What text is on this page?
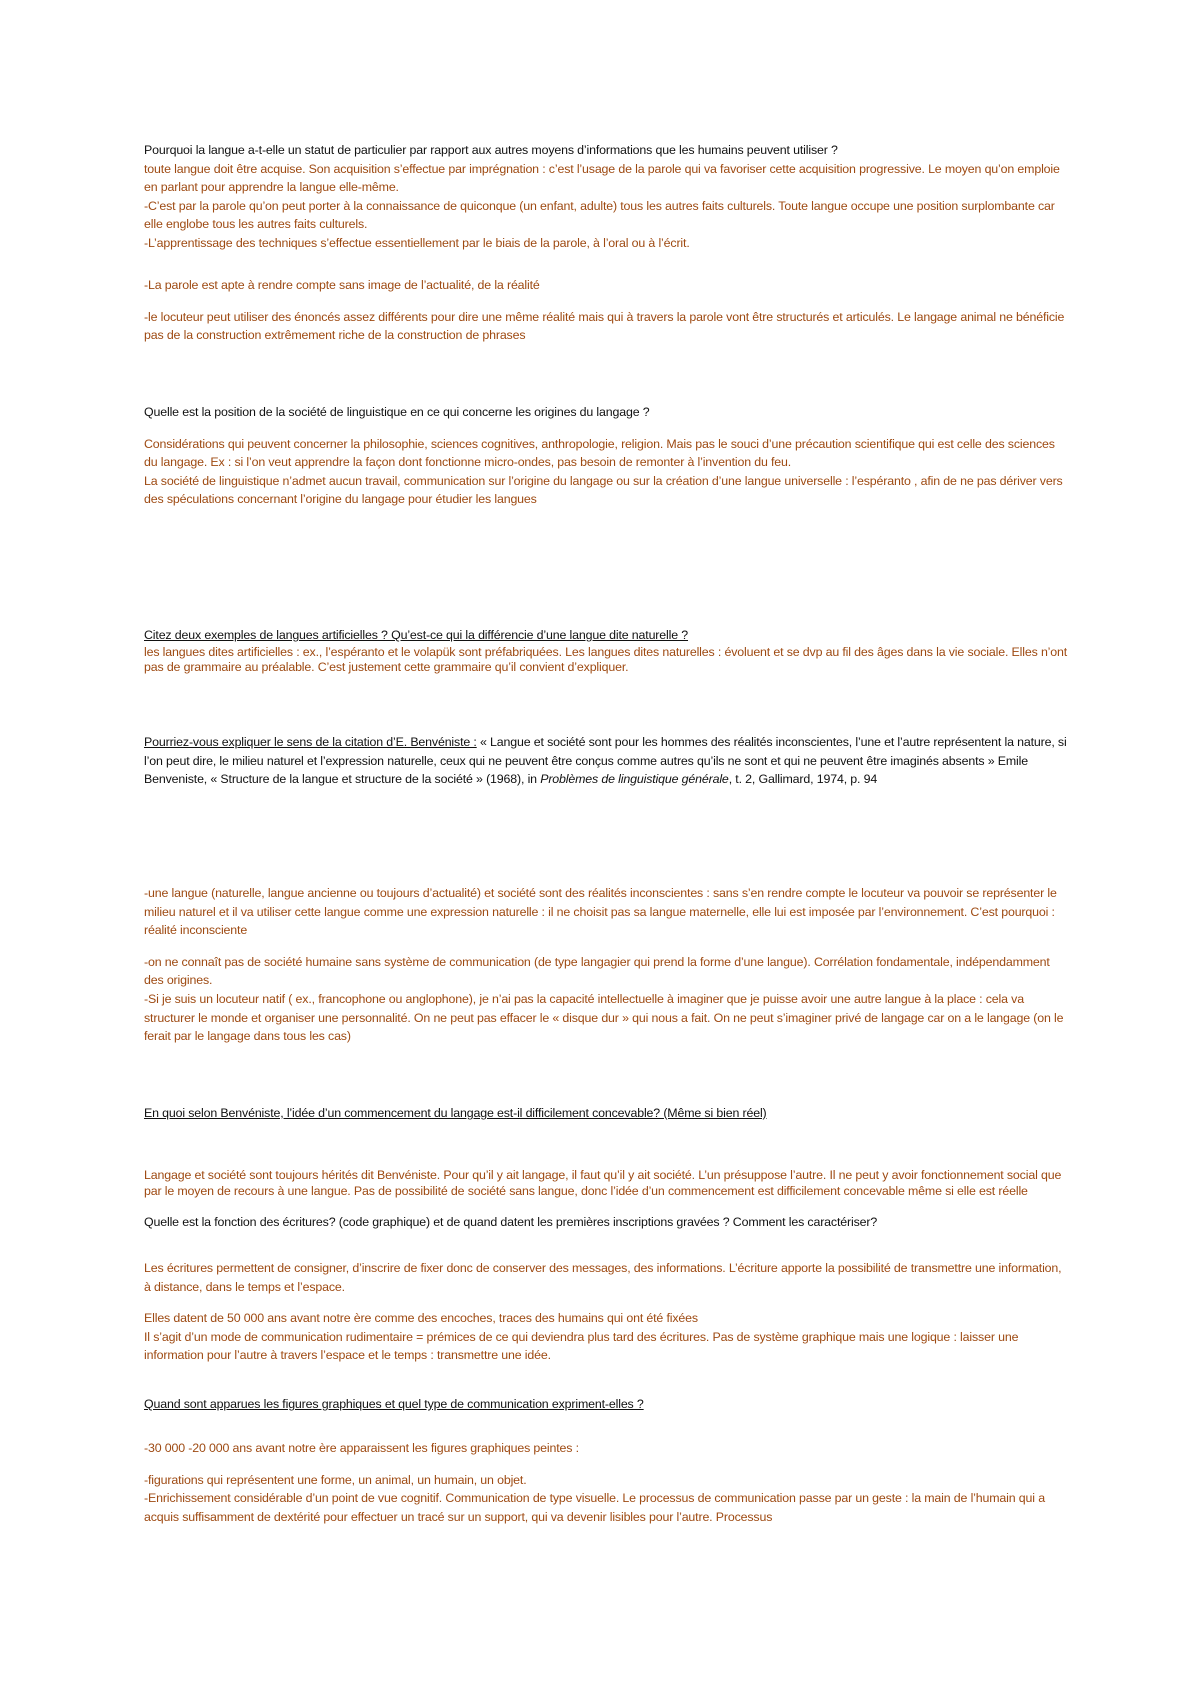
Pourquoi la langue a-t-elle un statut de particulier par rapport aux autres moyens d’informations que les humains peuvent utiliser ?

toute langue doit être acquise. Son acquisition s’effectue par imprégnation : c’est l’usage de la parole qui va favoriser cette acquisition progressive. Le moyen qu’on emploie en parlant pour apprendre la langue elle-même.

-C’est par la parole qu’on peut porter à la connaissance de quiconque (un enfant, adulte) tous les autres faits culturels. Toute langue occupe une position surplombante car elle englobe tous les autres faits culturels.

-L’apprentissage des techniques s’effectue essentiellement par le biais de la parole, à l’oral ou à l’écrit.

-La parole est apte à rendre compte sans image de l’actualité, de la réalité

-le locuteur peut utiliser des énoncés assez différents pour dire une même réalité mais qui à travers la parole vont être structurés et articulés. Le langage animal ne bénéficie pas de la construction extrêmement riche de la construction de phrases

Quelle est la position de la société de linguistique en ce qui concerne les origines du langage ?

Considérations qui peuvent concerner la philosophie, sciences cognitives, anthropologie, religion. Mais pas le souci d’une précaution scientifique qui est celle des sciences du langage. Ex : si l’on veut apprendre la façon dont fonctionne micro-ondes, pas besoin de remonter à l’invention du feu.

La société de linguistique n’admet aucun travail, communication sur l’origine du langage ou sur la création d’une langue universelle : l’espéranto , afin de ne pas dériver vers des spéculations concernant l’origine du langage pour étudier les langues

Citez deux exemples de langues artificielles ? Qu’est-ce qui la différencie d’une langue dite naturelle ?

les langues dites artificielles : ex., l’espéranto et le volapük sont préfabriquées. Les langues dites naturelles : évoluent et se dvp au fil des âges dans la vie sociale. Elles n’ont pas de grammaire au préalable. C’est justement cette grammaire qu’il convient d’expliquer.

Pourriez-vous expliquer le sens de la citation d’E. Benvéniste : « Langue et société sont pour les hommes des réalités inconscientes, l’une et l’autre représentent la nature, si l’on peut dire, le milieu naturel et l’expression naturelle, ceux qui ne peuvent être conçus comme autres qu’ils ne sont et qui ne peuvent être imaginés absents » Emile Benveniste, « Structure de la langue et structure de la société » (1968), in Problèmes de linguistique générale, t. 2, Gallimard, 1974, p. 94

-une langue (naturelle, langue ancienne ou toujours d’actualité) et société sont des réalités inconscientes : sans s’en rendre compte le locuteur va pouvoir se représenter le milieu naturel et il va utiliser cette langue comme une expression naturelle : il ne choisit pas sa langue maternelle, elle lui est imposée par l’environnement. C’est pourquoi : réalité inconsciente

-on ne connaît pas de société humaine sans système de communication (de type langagier qui prend la forme d’une langue). Corrélation fondamentale, indépendamment des origines.

-Si je suis un locuteur natif ( ex., francophone ou anglophone), je n’ai pas la capacité intellectuelle à imaginer que je puisse avoir une autre langue à la place : cela va structurer le monde et organiser une personnalité. On ne peut pas effacer le « disque dur » qui nous a fait. On ne peut s’imaginer privé de langage car on a le langage (on le ferait par le langage dans tous les cas)

En quoi selon Benvéniste, l’idée d’un commencement du langage est-il difficilement concevable? (Même si bien réel)

Langage et société sont toujours hérités dit Benvéniste. Pour qu’il y ait langage, il faut qu’il y ait société. L’un présuppose l’autre. Il ne peut y avoir fonctionnement social que par le moyen de recours à une langue. Pas de possibilité de société sans langue, donc l’idée d’un commencement est difficilement concevable même si elle est réelle

Quelle est la fonction des écritures? (code graphique) et de quand datent les premières inscriptions gravées ? Comment les caractériser?

Les écritures permettent de consigner, d’inscrire de fixer donc de conserver des messages, des informations. L’écriture apporte la possibilité de transmettre une information, à distance, dans le temps et l’espace.

Elles datent de 50 000 ans avant notre ère comme des encoches, traces des humains qui ont été fixées

Il s’agit d’un mode de communication rudimentaire = prémices de ce qui deviendra plus tard des écritures. Pas de système graphique mais une logique : laisser une information pour l’autre à travers l’espace et le temps : transmettre une idée.

Quand sont apparues les figures graphiques et quel type de communication expriment-elles ?

-30 000 -20 000 ans avant notre ère apparaissent les figures graphiques peintes :

-figurations qui représentent une forme, un animal, un humain, un objet.

-Enrichissement considérable d’un point de vue cognitif. Communication de type visuelle. Le processus de communication passe par un geste : la main de l’humain qui a acquis suffisamment de dextérité pour effectuer un tracé sur un support, qui va devenir lisibles pour l’autre. Processus
